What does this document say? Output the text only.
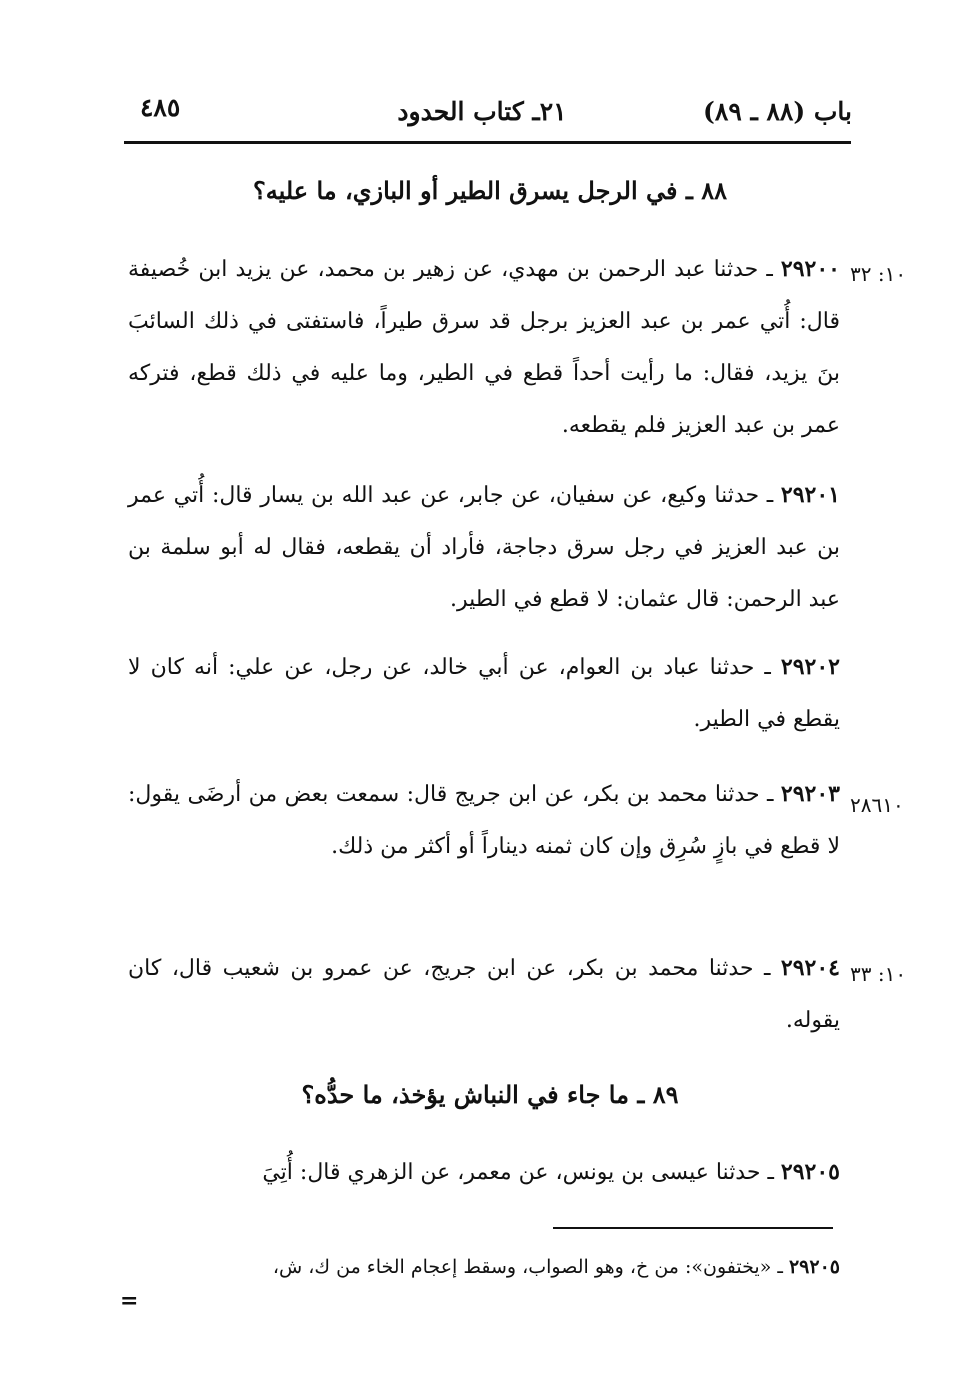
باب (٨٨ ـ ٨٩)
٢١ـ كتاب الحدود
٤٨٥
٨٨ ـ في الرجل يسرق الطير أو البازي، ما عليه؟
١٠: ٣٢
٢٩٢٠٠ ـ حدثنا عبد الرحمن بن مهدي، عن زهير بن محمد، عن يزيد ابن خُصيفة قال: أُتي عمر بن عبد العزيز برجل قد سرق طيراً، فاستفتى في ذلك السائبَ بنَ يزيد، فقال: ما رأيت أحداً قطع في الطير، وما عليه في ذلك قطع، فتركه عمر بن عبد العزيز فلم يقطعه.
٢٩٢٠١ ـ حدثنا وكيع، عن سفيان، عن جابر، عن عبد الله بن يسار قال: أُتي عمر بن عبد العزيز في رجل سرق دجاجة، فأراد أن يقطعه، فقال له أبو سلمة بن عبد الرحمن: قال عثمان: لا قطع في الطير.
٢٩٢٠٢ ـ حدثنا عباد بن العوام، عن أبي خالد، عن رجل، عن علي: أنه كان لا يقطع في الطير.
٢٨٦١٠
٢٩٢٠٣ ـ حدثنا محمد بن بكر، عن ابن جريج قال: سمعت بعض من أرضَى يقول: لا قطع في بازٍ سُرِق وإن كان ثمنه ديناراً أو أكثر من ذلك.
١٠: ٣٣
٢٩٢٠٤ ـ حدثنا محمد بن بكر، عن ابن جريج، عن عمرو بن شعيب قال، كان يقوله.
٨٩ ـ ما جاء في النباش يؤخذ، ما حدُّه؟
٢٩٢٠٥ ـ حدثنا عيسى بن يونس، عن معمر، عن الزهري قال: أُتِيَ
٢٩٢٠٥ ـ «يختفون»: من خ، وهو الصواب، وسقط إعجام الخاء من ك، ش،
=
